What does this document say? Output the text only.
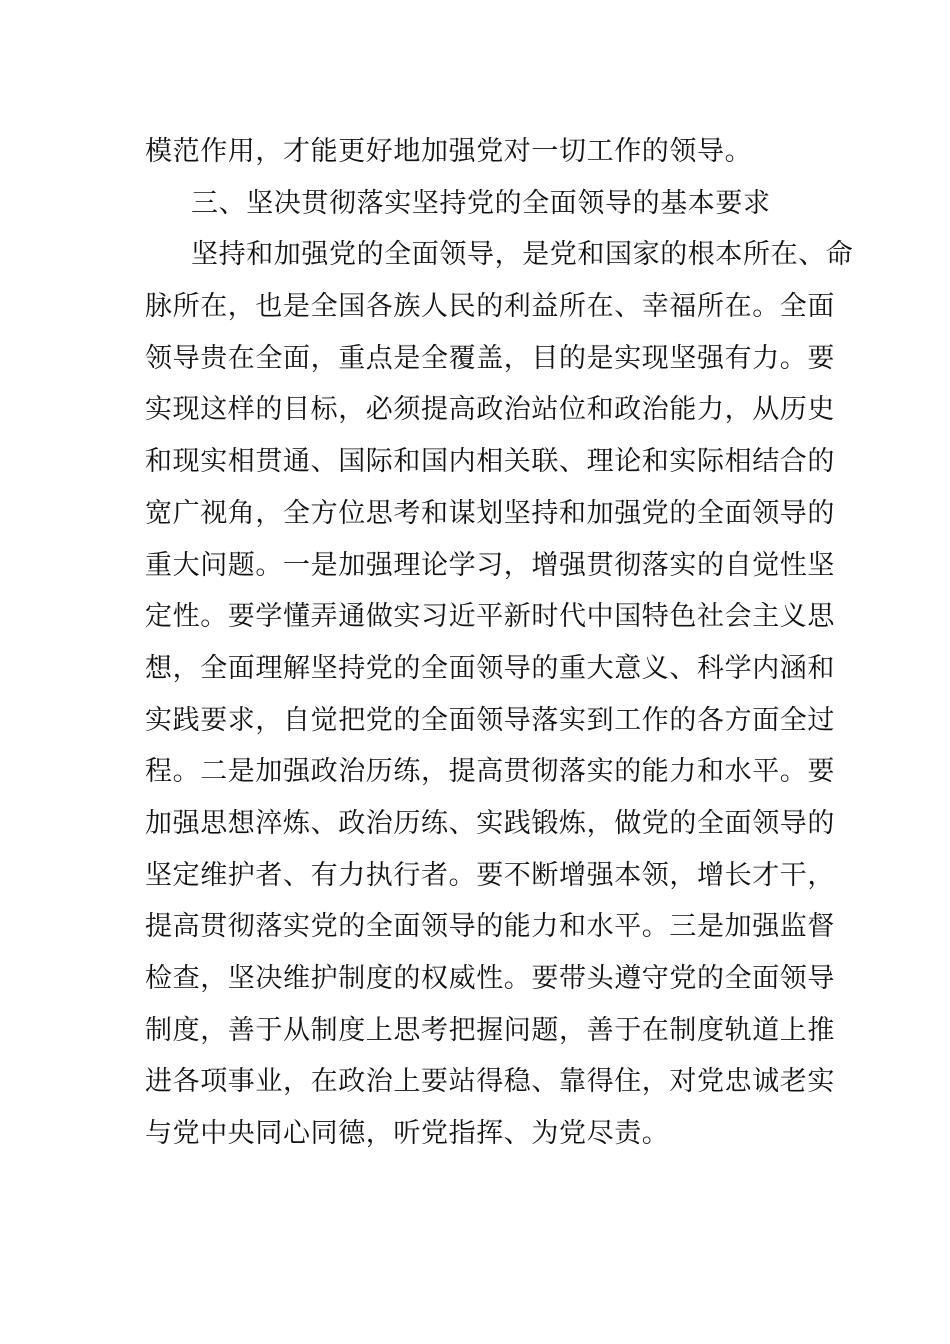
模范作用，才能更好地加强党对一切工作的领导。
三、坚决贯彻落实坚持党的全面领导的基本要求
坚持和加强党的全面领导，是党和国家的根本所在、命
脉所在，也是全国各族人民的利益所在、幸福所在。全面
领导贵在全面，重点是全覆盖，目的是实现坚强有力。要
实现这样的目标，必须提高政治站位和政治能力，从历史
和现实相贯通、国际和国内相关联、理论和实际相结合的
宽广视角，全方位思考和谋划坚持和加强党的全面领导的
重大问题。一是加强理论学习，增强贯彻落实的自觉性坚
定性。要学懂弄通做实习近平新时代中国特色社会主义思
想，全面理解坚持党的全面领导的重大意义、科学内涵和
实践要求，自觉把党的全面领导落实到工作的各方面全过
程。二是加强政治历练，提高贯彻落实的能力和水平。要
加强思想淬炼、政治历练、实践锻炼，做党的全面领导的
坚定维护者、有力执行者。要不断增强本领，增长才干，
提高贯彻落实党的全面领导的能力和水平。三是加强监督
检查，坚决维护制度的权威性。要带头遵守党的全面领导
制度，善于从制度上思考把握问题，善于在制度轨道上推
进各项事业，在政治上要站得稳、靠得住，对党忠诚老实
与党中央同心同德，听党指挥、为党尽责。
